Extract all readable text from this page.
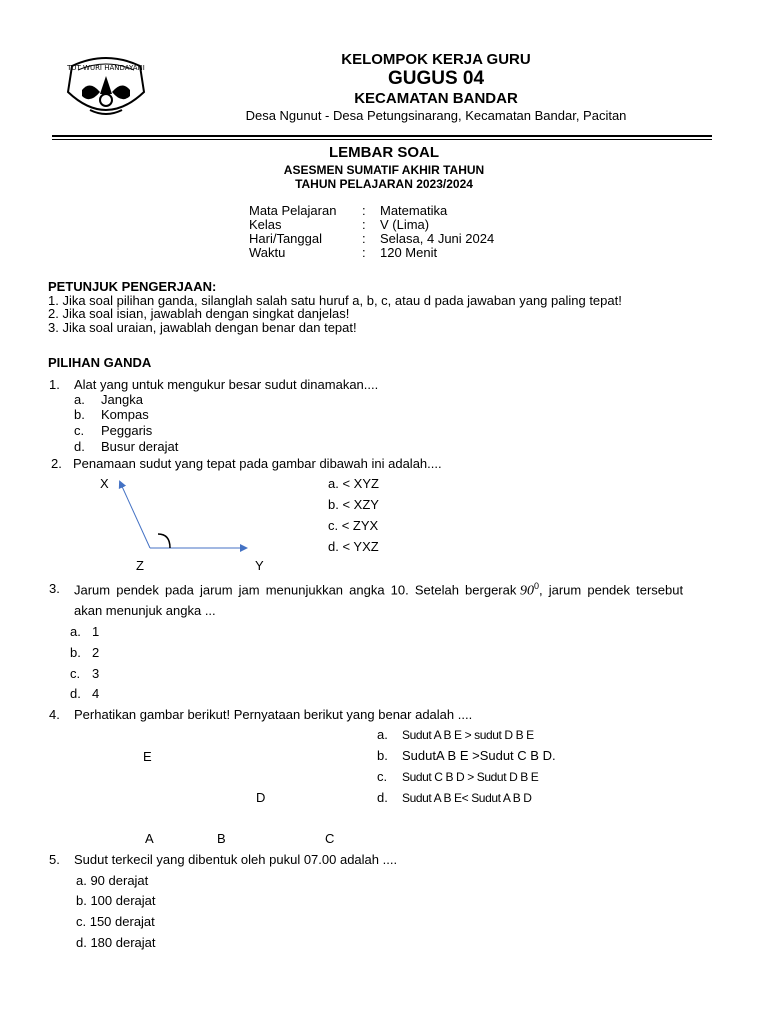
TUT WURI HANDAYANI	KELOMPOK KERJA GURU
GUGUS 04
KECAMATAN BANDAR
Desa Ngunut - Desa Petungsinarang, Kecamatan Bandar, Pacitan
LEMBAR SOAL
ASESMEN SUMATIF AKHIR TAHUN
TAHUN PELAJARAN 2023/2024
Mata Pelajaran : Matematika
Kelas	: V (Lima)
Hari/Tanggal	: Selasa, 4 Juni 2024
Waktu	: 120 Menit
PETUNJUK PENGERJAAN:
1. Jika soal pilihan ganda, silanglah salah satu huruf a, b, c, atau d pada jawaban yang paling tepat!
2. Jika soal isian, jawablah dengan singkat danjelas!
3. Jika soal uraian, jawablah dengan benar dan tepat!
PILIHAN GANDA
1. Alat yang untuk mengukur besar sudut dinamakan....
a. Jangka
b. Kompas
c. Peggaris
d. Busur derajat
2. Penamaan sudut yang tepat pada gambar dibawah ini adalah....
X
Z	Y
a. < XYZ
b. < XZY
c. < ZYX
d. < YXZ
3. Jarum pendek pada jarum jam menunjukkan angka 10. Setelah bergerak $90^0$, jarum pendek tersebut
akan menunjuk angka ...
a. 1
b. 2
c. 3
d. 4
4. Perhatikan gambar berikut! Pernyataan berikut yang benar adalah ....
E
D
A	B	C
a. Sudut A B E > sudut D B E
b. SudutA B E >Sudut C B D.
c. Sudut C B D > Sudut D B E
d. Sudut A B E< Sudut A B D
5. Sudut terkecil yang dibentuk oleh pukul 07.00 adalah ....
a. 90 derajat
b. 100 derajat
c. 150 derajat
d. 180 derajat
